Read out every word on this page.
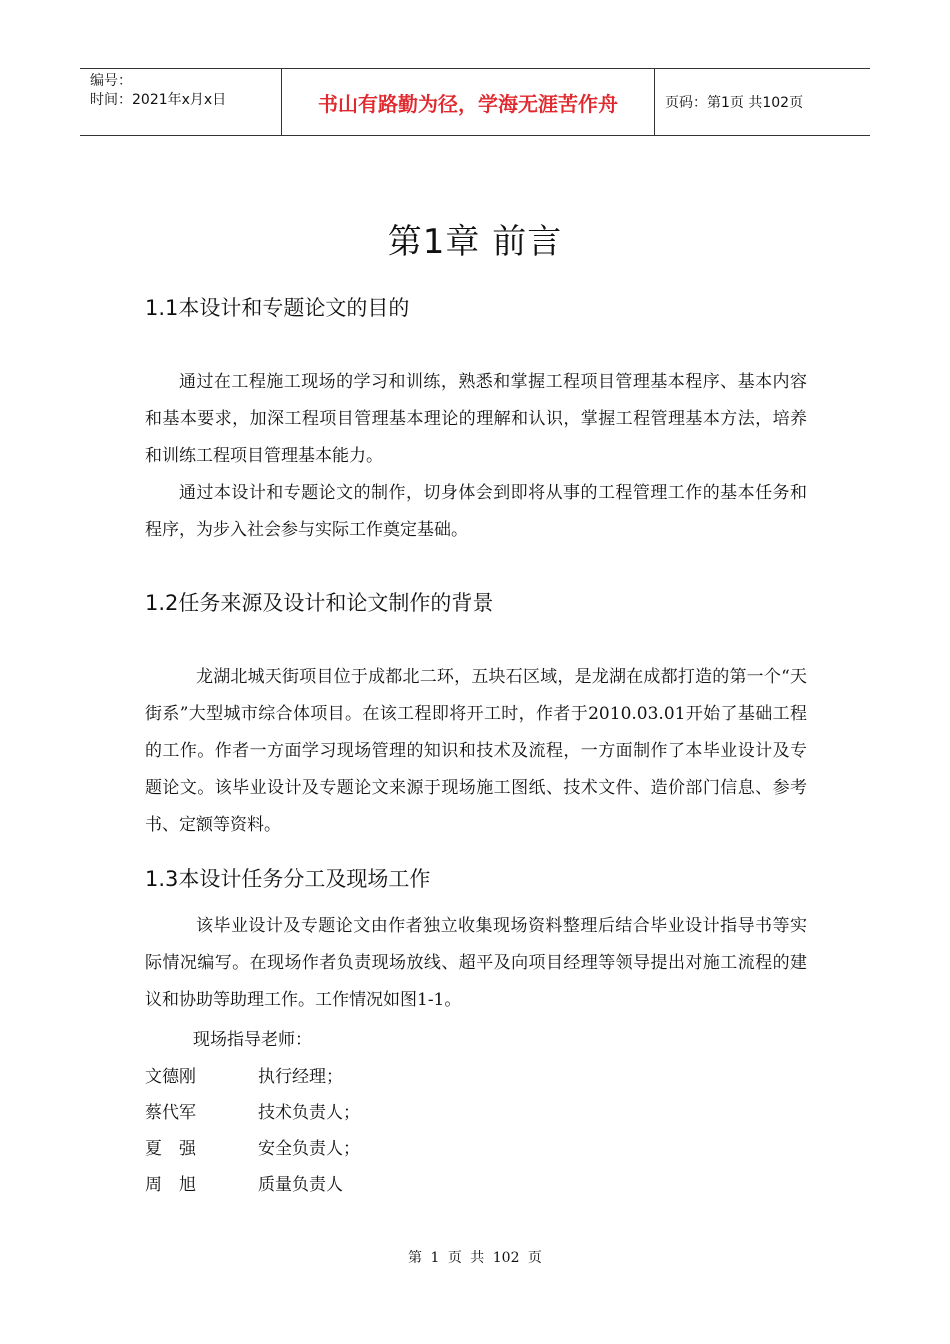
编号：
时间：2021年x月x日	书山有路勤为径，学海无涯苦作舟	页码：第1页 共102页
第1章 前言
1.1本设计和专题论文的目的

通过在工程施工现场的学习和训练，熟悉和掌握工程项目管理基本程序、基本内容和基本要求，加深工程项目管理基本理论的理解和认识，掌握工程管理基本方法，培养和训练工程项目管理基本能力。

通过本设计和专题论文的制作，切身体会到即将从事的工程管理工作的基本任务和程序，为步入社会参与实际工作奠定基础。

1.2任务来源及设计和论文制作的背景

龙湖北城天街项目位于成都北二环，五块石区域，是龙湖在成都打造的第一个“天街系”大型城市综合体项目。在该工程即将开工时，作者于2010.03.01开始了基础工程的工作。作者一方面学习现场管理的知识和技术及流程，一方面制作了本毕业设计及专题论文。该毕业设计及专题论文来源于现场施工图纸、技术文件、造价部门信息、参考书、定额等资料。

1.3本设计任务分工及现场工作

该毕业设计及专题论文由作者独立收集现场资料整理后结合毕业设计指导书等实际情况编写。在现场作者负责现场放线、超平及向项目经理等领导提出对施工流程的建议和协助等助理工作。工作情况如图1-1。

现场指导老师：
文德刚	执行经理；
蔡代军	技术负责人；
夏　强	安全负责人；
周　旭	质量负责人
第 1 页 共 102 页
